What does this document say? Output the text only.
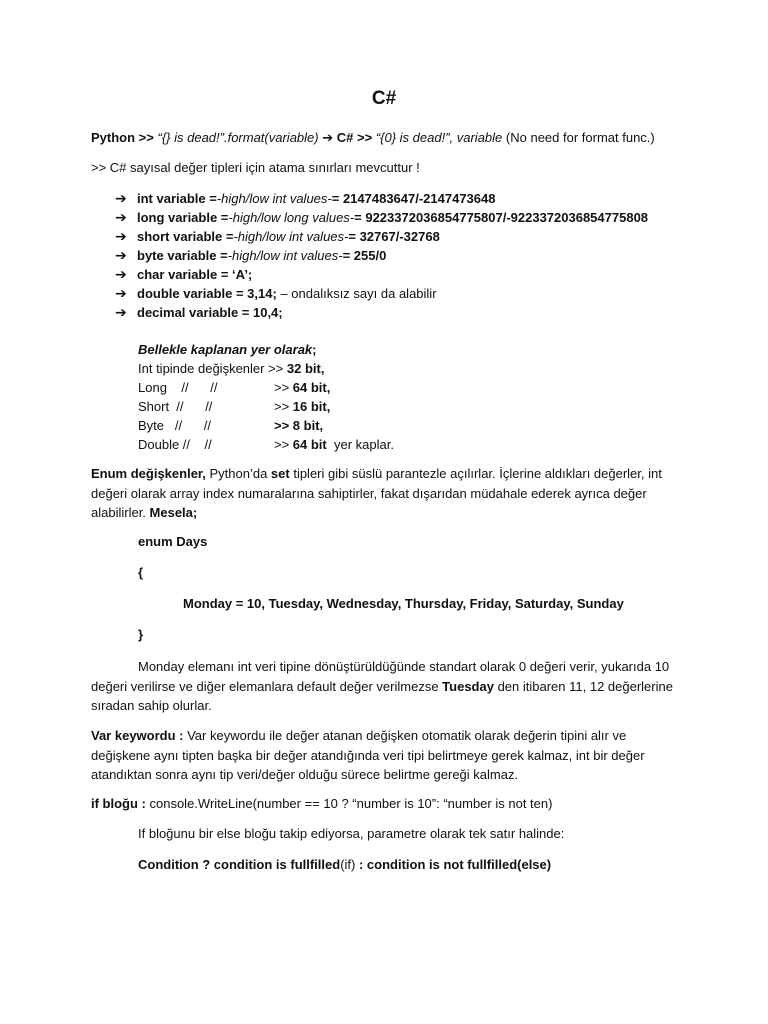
C#
Python >> “{} is dead!”.format(variable) ➔ C# >> “{0} is dead!”, variable (No need for format func.)
>> C# sayısal değer tipleri için atama sınırları mevcuttur !
➔ int variable = -high/low int values- = 2147483647/-2147473648
➔ long variable = -high/low long values- = 9223372036854775807/-9223372036854775808
➔ short variable = -high/low int values- = 32767/-32768
➔ byte variable = -high/low int values- = 255/0
➔ char variable = ‘A’;
➔ double variable = 3,14;
– ondalıksız sayı da alabilir
➔ decimal variable = 10,4;
Bellekle kaplanan yer olarak;
Int tipinde değişkenler >> 32 bit,
Long    //      //	>> 64 bit,
Short  //      //	>> 16 bit,
Byte   //      //	>> 8 bit,
Double //    //	>> 64 bit  yer kaplar.
Enum değişkenler, Python’da set tipleri gibi süslü parantezle açılırlar. İçlerine aldıkları değerler, int
değeri olarak array index numaralarına sahiptirler, fakat dışarıdan müdahale ederek ayrıca değer
alabilirler. Mesela;
enum Days
{
Monday = 10, Tuesday, Wednesday, Thursday, Friday, Saturday, Sunday
}
Monday elemanı int veri tipine dönüştürüldüğünde standart olarak 0 değeri verir, yukarıda 10
değeri verilirse ve diğer elemanlara default değer verilmezse Tuesday den itibaren 11, 12 değerlerine
sıradan sahip olurlar.
Var keywordu : Var keywordu ile değer atanan değişken otomatik olarak değerin tipini alır ve
değişkene aynı tipten başka bir değer atandığında veri tipi belirtmeye gerek kalmaz, int bir değer
atandıktan sonra aynı tip veri/değer olduğu sürece belirtme gereği kalmaz.
if bloğu : console.WriteLine(number == 10 ? “number is 10”: “number is not ten)
If bloğunu bir else bloğu takip ediyorsa, parametre olarak tek satır halinde:
Condition ? condition is fullfilled(if) : condition is not fullfilled(else)
